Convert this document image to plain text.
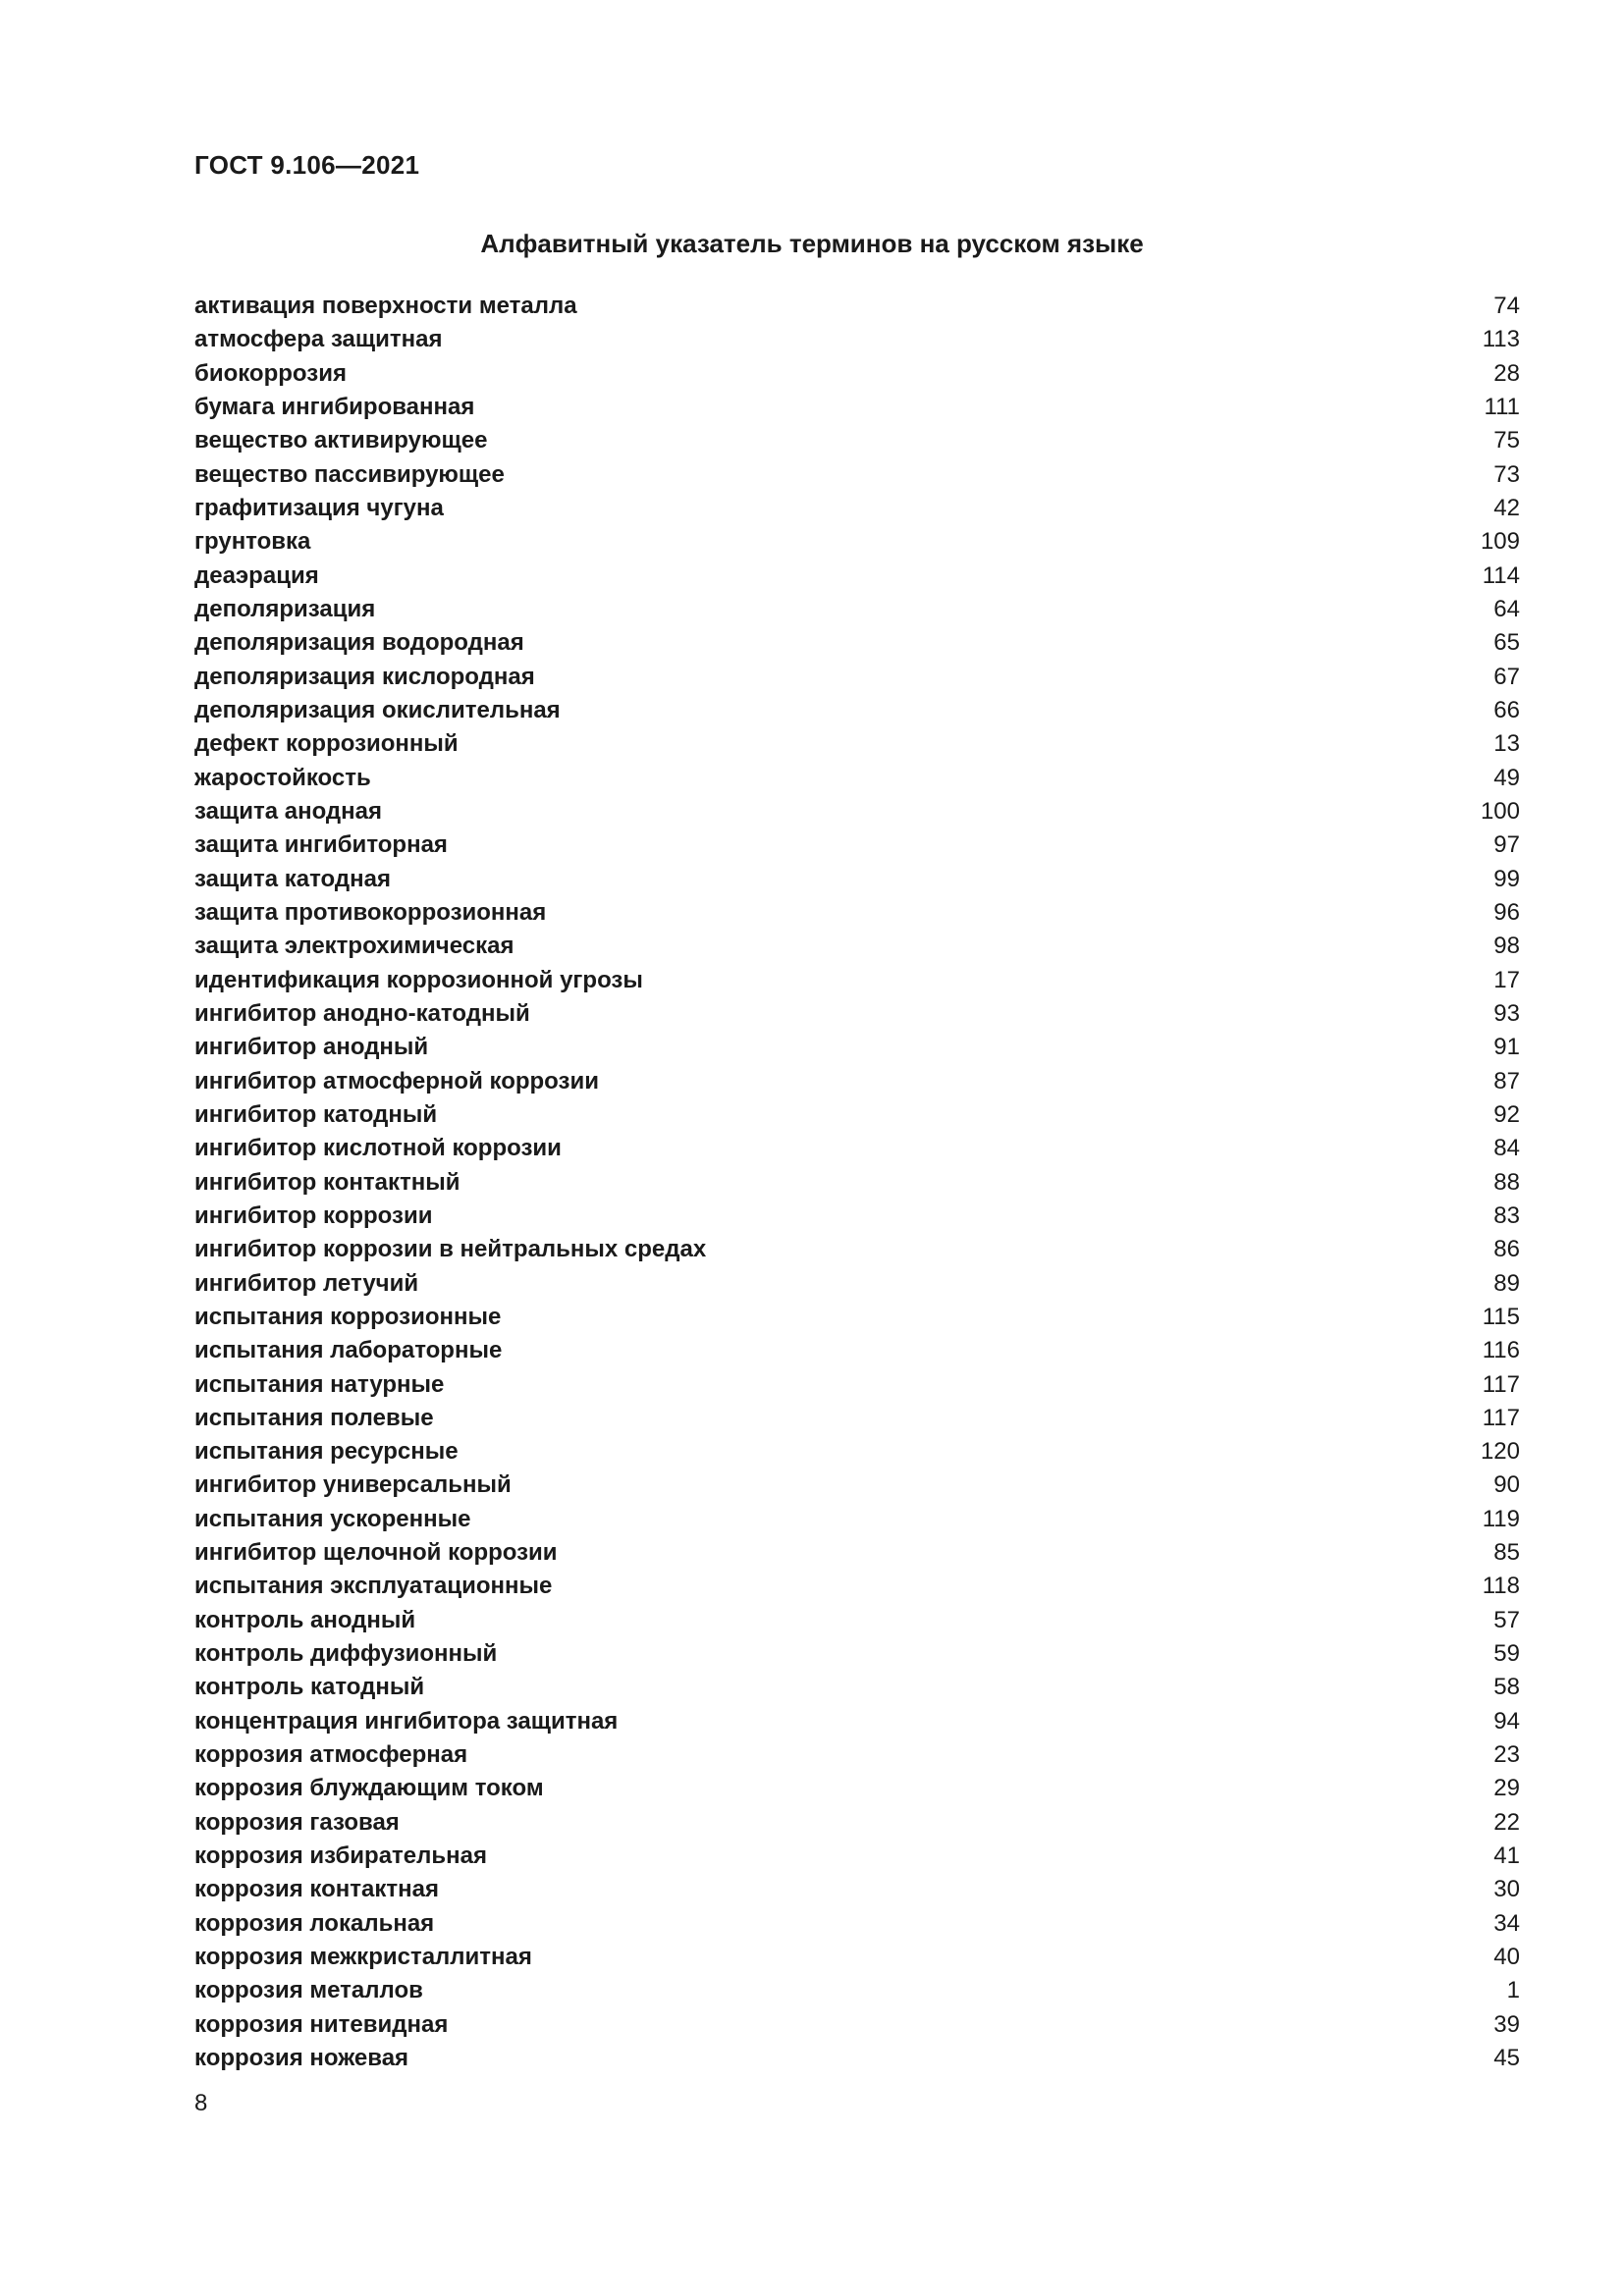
ГОСТ 9.106—2021
Алфавитный указатель терминов на русском языке
активация поверхности металла	74
атмосфера защитная	113
биокоррозия	28
бумага ингибированная	111
вещество активирующее	75
вещество пассивирующее	73
графитизация чугуна	42
грунтовка	109
деаэрация	114
деполяризация	64
деполяризация водородная	65
деполяризация кислородная	67
деполяризация окислительная	66
дефект коррозионный	13
жаростойкость	49
защита анодная	100
защита ингибиторная	97
защита катодная	99
защита противокоррозионная	96
защита электрохимическая	98
идентификация коррозионной угрозы	17
ингибитор анодно-катодный	93
ингибитор анодный	91
ингибитор атмосферной коррозии	87
ингибитор катодный	92
ингибитор кислотной коррозии	84
ингибитор контактный	88
ингибитор коррозии	83
ингибитор коррозии в нейтральных средах	86
ингибитор летучий	89
испытания коррозионные	115
испытания лабораторные	116
испытания натурные	117
испытания полевые	117
испытания ресурсные	120
ингибитор универсальный	90
испытания ускоренные	119
ингибитор щелочной коррозии	85
испытания эксплуатационные	118
контроль анодный	57
контроль диффузионный	59
контроль катодный	58
концентрация ингибитора защитная	94
коррозия атмосферная	23
коррозия блуждающим током	29
коррозия газовая	22
коррозия избирательная	41
коррозия контактная	30
коррозия локальная	34
коррозия межкристаллитная	40
коррозия металлов	1
коррозия нитевидная	39
коррозия ножевая	45
8
